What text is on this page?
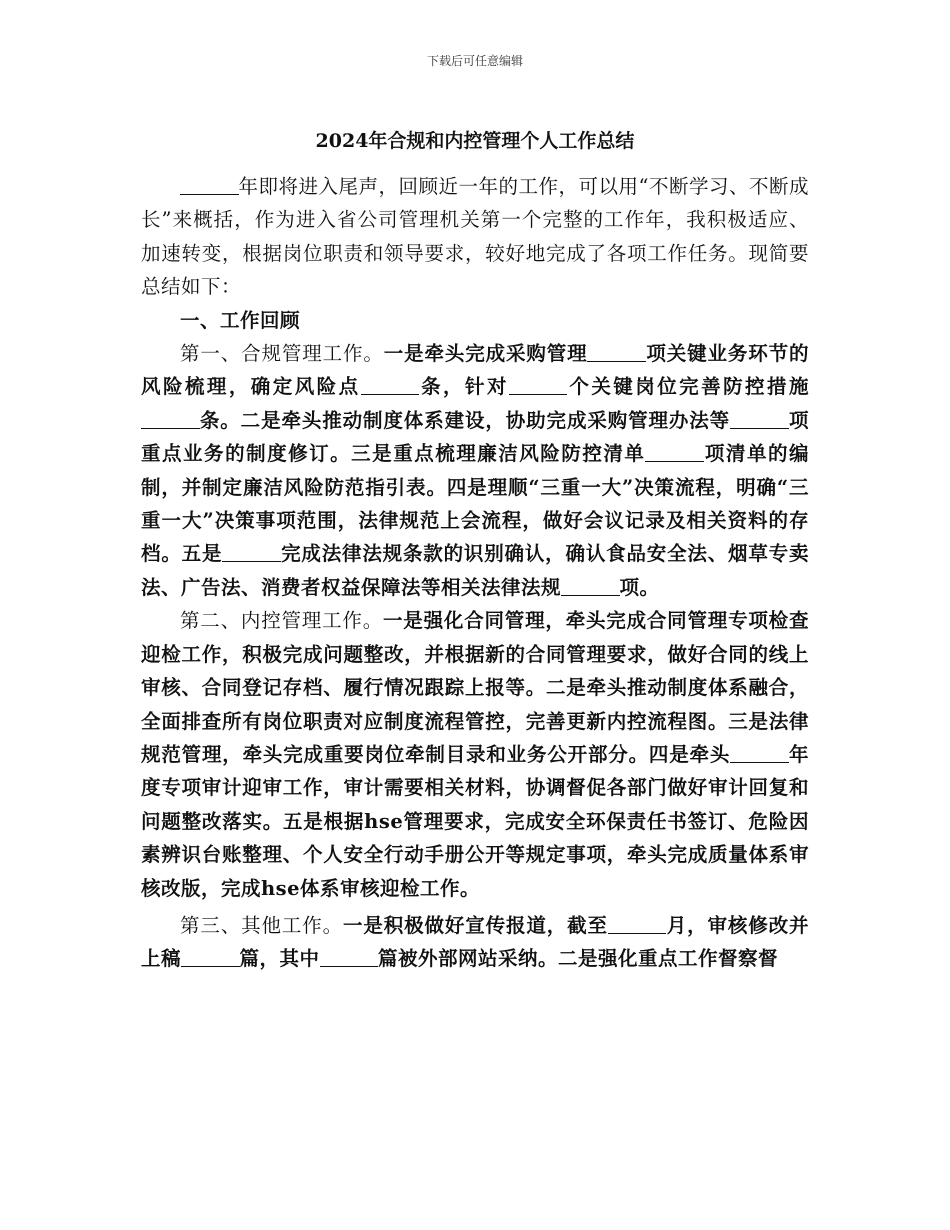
下载后可任意编辑
2024年合规和内控管理个人工作总结

年即将进入尾声，回顾近一年的工作，可以用“不断学习、不断成长”来概括，作为进入省公司管理机关第一个完整的工作年，我积极适应、加速转变，根据岗位职责和领导要求，较好地完成了各项工作任务。现简要总结如下：

一、工作回顾

第一、合规管理工作。一是牵头完成采购管理	项关键业务环节的风险梳理，确定风险点	条，针对	个关键岗位完善防控措施条。二是牵头推动制度体系建设，协助完成采购管理办法等	项重点业务的制度修订。三是重点梳理廉洁风险防控清单	项清单的编制，并制定廉洁风险防范指引表。四是理顺“三重一大”决策流程，明确“三重一大”决策事项范围，法律规范上会流程，做好会议记录及相关资料的存档。五是	完成法律法规条款的识别确认，确认食品安全法、烟草专卖法、广告法、消费者权益保障法等相关法律法规	项。

第二、内控管理工作。一是强化合同管理，牵头完成合同管理专项检查迎检工作，积极完成问题整改，并根据新的合同管理要求，做好合同的线上审核、合同登记存档、履行情况跟踪上报等。二是牵头推动制度体系融合，全面排查所有岗位职责对应制度流程管控，完善更新内控流程图。三是法律规范管理，牵头完成重要岗位牵制目录和业务公开部分。四是牵头	年度专项审计迎审工作，审计需要相关材料，协调督促各部门做好审计回复和问题整改落实。五是根据hse管理要求，完成安全环保责任书签订、危险因素辨识台账整理、个人安全行动手册公开等规定事项，牵头完成质量体系审核改版，完成hse体系审核迎检工作。

第三、其他工作。一是积极做好宣传报道，截至	月，审核修改并上稿	篇，其中	篇被外部网站采纳。二是强化重点工作督察督
